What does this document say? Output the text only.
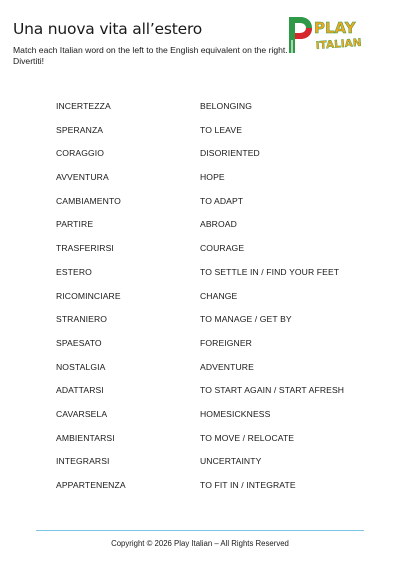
Una nuova vita all’estero
Match each Italian word on the left to the English equivalent on the right. Divertiti!
PLAY
ITALIAN
INCERTEZZA	BELONGING
SPERANZA	TO LEAVE
CORAGGIO	DISORIENTED
AVVENTURA	HOPE
CAMBIAMENTO	TO ADAPT
PARTIRE	ABROAD
TRASFERIRSI	COURAGE
ESTERO	TO SETTLE IN / FIND YOUR FEET
RICOMINCIARE	CHANGE
STRANIERO	TO MANAGE / GET BY
SPAESATO	FOREIGNER
NOSTALGIA	ADVENTURE
ADATTARSI	TO START AGAIN / START AFRESH
CAVARSELA	HOMESICKNESS
AMBIENTARSI	TO MOVE / RELOCATE
INTEGRARSI	UNCERTAINTY
APPARTENENZA	TO FIT IN / INTEGRATE
Copyright © 2026 Play Italian – All Rights Reserved
